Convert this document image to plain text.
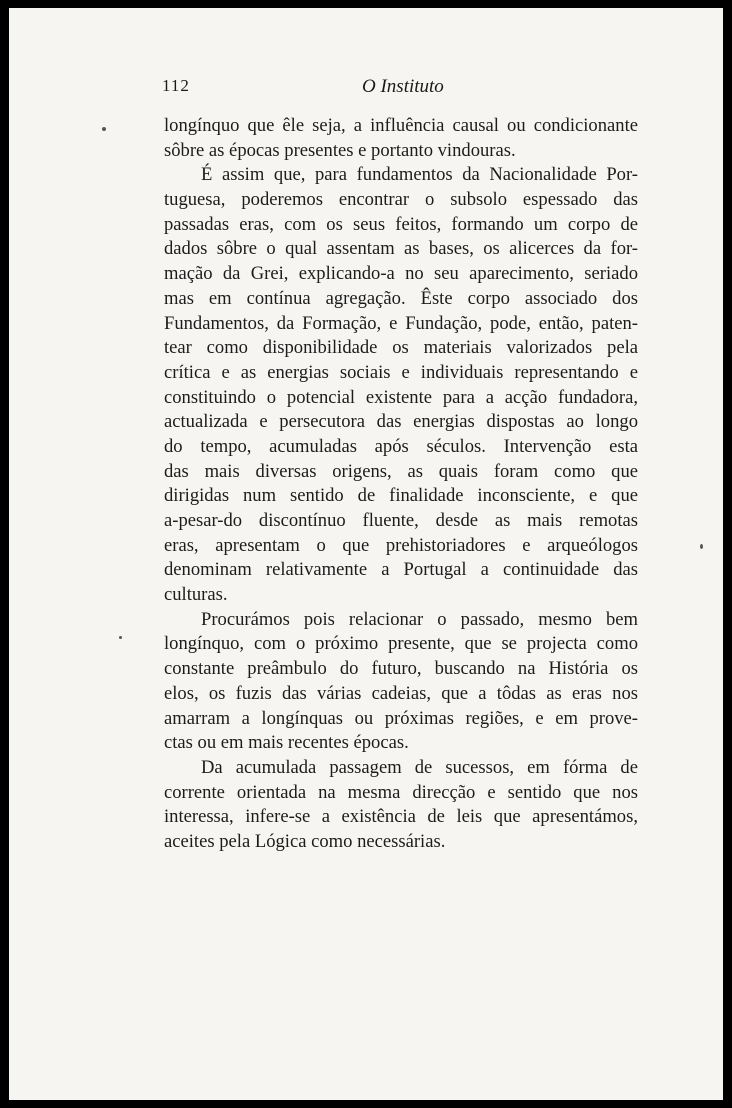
112	O Instituto
longínquo que êle seja, a influência causal ou condicionante
sôbre as épocas presentes e portanto vindouras.
É assim que, para fundamentos da Nacionalidade Por-
tuguesa, poderemos encontrar o subsolo espessado das
passadas eras, com os seus feitos, formando um corpo de
dados sôbre o qual assentam as bases, os alicerces da for-
mação da Grei, explicando-a no seu aparecimento, seriado
mas em contínua agregação. Êste corpo associado dos
Fundamentos, da Formação, e Fundação, pode, então, paten-
tear como disponibilidade os materiais valorizados pela
crítica e as energias sociais e individuais representando e
constituindo o potencial existente para a acção fundadora,
actualizada e persecutora das energias dispostas ao longo
do tempo, acumuladas após séculos. Intervenção esta
das mais diversas origens, as quais foram como que
dirigidas num sentido de finalidade inconsciente, e que
a-pesar-do discontínuo fluente, desde as mais remotas
eras, apresentam o que prehistoriadores e arqueólogos
denominam relativamente a Portugal a continuidade das
culturas.
Procurámos pois relacionar o passado, mesmo bem
longínquo, com o próximo presente, que se projecta como
constante preâmbulo do futuro, buscando na História os
elos, os fuzis das várias cadeias, que a tôdas as eras nos
amarram a longínquas ou próximas regiões, e em prove-
ctas ou em mais recentes épocas.
Da acumulada passagem de sucessos, em fórma de
corrente orientada na mesma direcção e sentido que nos
interessa, infere-se a existência de leis que apresentámos,
aceites pela Lógica como necessárias.
